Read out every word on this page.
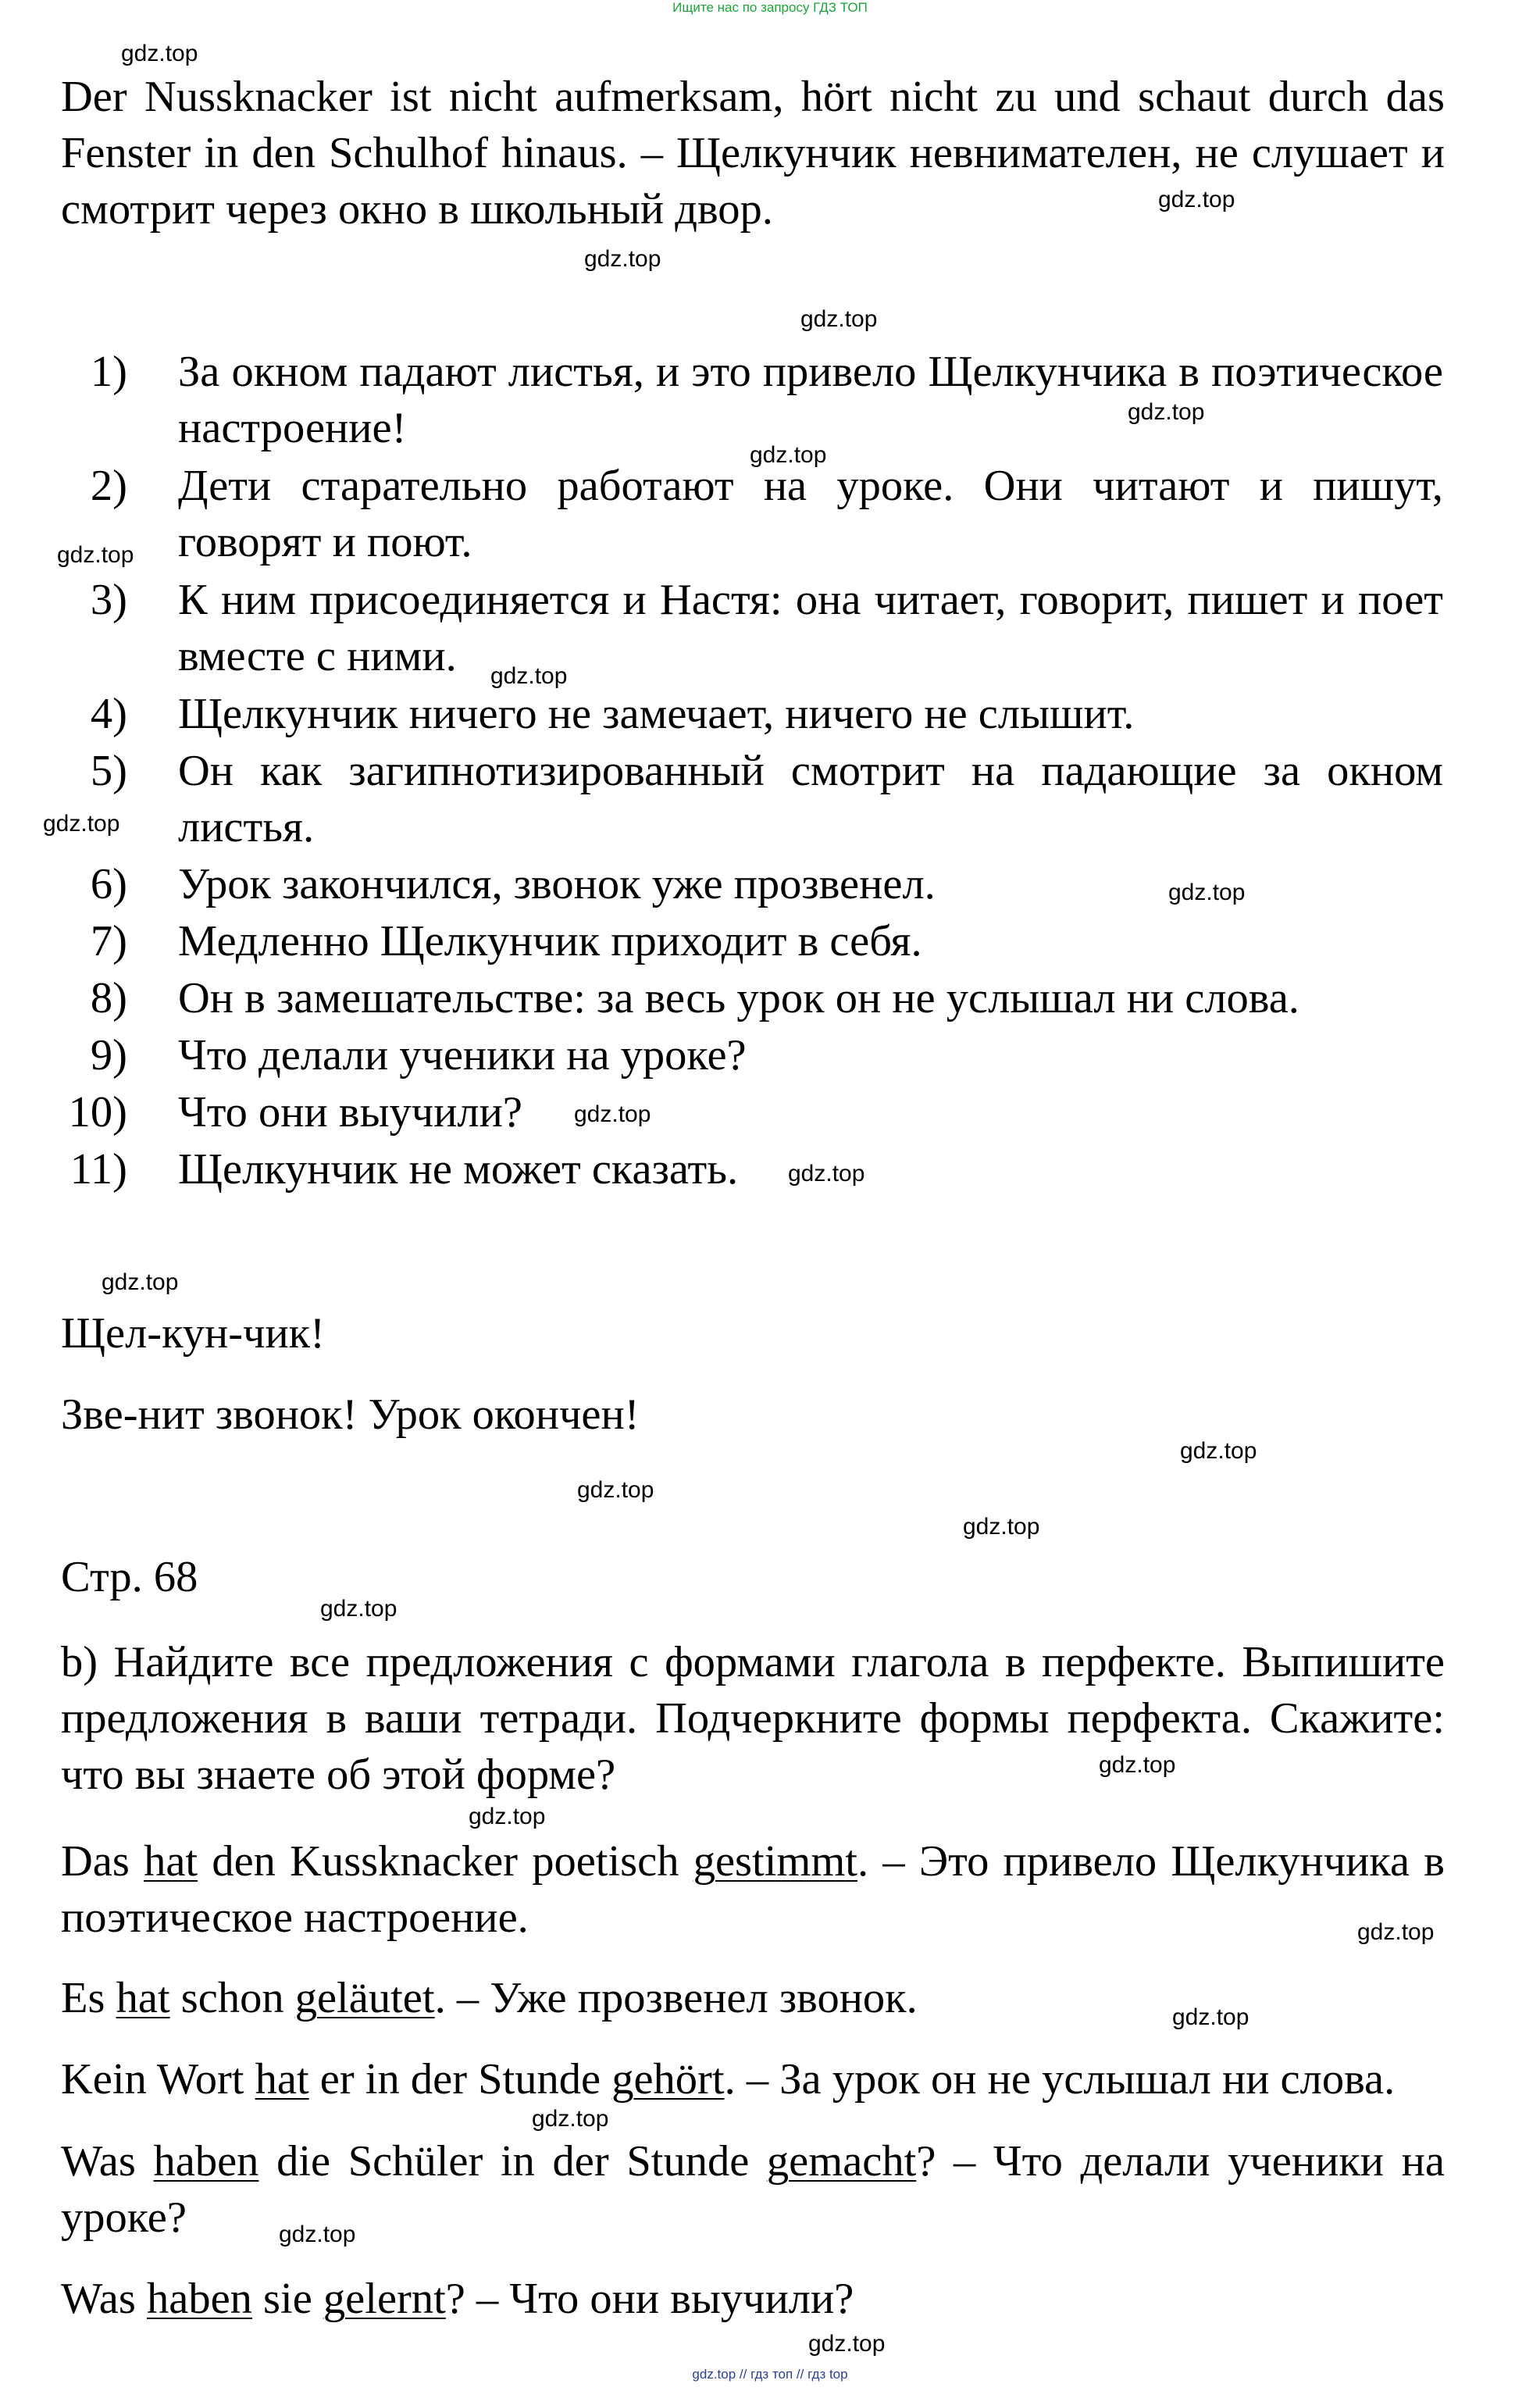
Ищите нас по запросу ГДЗ ТОП
Der Nussknacker ist nicht aufmerksam, hört nicht zu und schaut durch das Fenster in den Schulhof hinaus. – Щелкунчик невнимателен, не слушает и смотрит через окно в школьный двор.
1) За окном падают листья, и это привело Щелкунчика в поэтическое настроение!
2) Дети старательно работают на уроке. Они читают и пишут, говорят и поют.
3) К ним присоединяется и Настя: она читает, говорит, пишет и поет вместе с ними.
4) Щелкунчик ничего не замечает, ничего не слышит.
5) Он как загипнотизированный смотрит на падающие за окном листья.
6) Урок закончился, звонок уже прозвенел.
7) Медленно Щелкунчик приходит в себя.
8) Он в замешательстве: за весь урок он не услышал ни слова.
9) Что делали ученики на уроке?
10) Что они выучили?
11) Щелкунчик не может сказать.
Щел-кун-чик!
Зве-нит звонок! Урок окончен!
Стр. 68
b) Найдите все предложения с формами глагола в перфекте. Выпишите предложения в ваши тетради. Подчеркните формы перфекта. Скажите: что вы знаете об этой форме?
Das hat den Kussknacker poetisch gestimmt. – Это привело Щелкунчика в поэтическое настроение.
Es hat schon geläutet. – Уже прозвенел звонок.
Kein Wort hat er in der Stunde gehört. – За урок он не услышал ни слова.
Was haben die Schüler in der Stunde gemacht? – Что делали ученики на уроке?
Was haben sie gelernt? – Что они выучили?
gdz.top
gdz.top
gdz.top
gdz.top
gdz.top
gdz.top
gdz.top
gdz.top
gdz.top
gdz.top
gdz.top
gdz.top
gdz.top
gdz.top
gdz.top
gdz.top
gdz.top
gdz.top
gdz.top
gdz.top
gdz.top
gdz.top
gdz.top
gdz.top
gdz.top // гдз топ // гдз top
